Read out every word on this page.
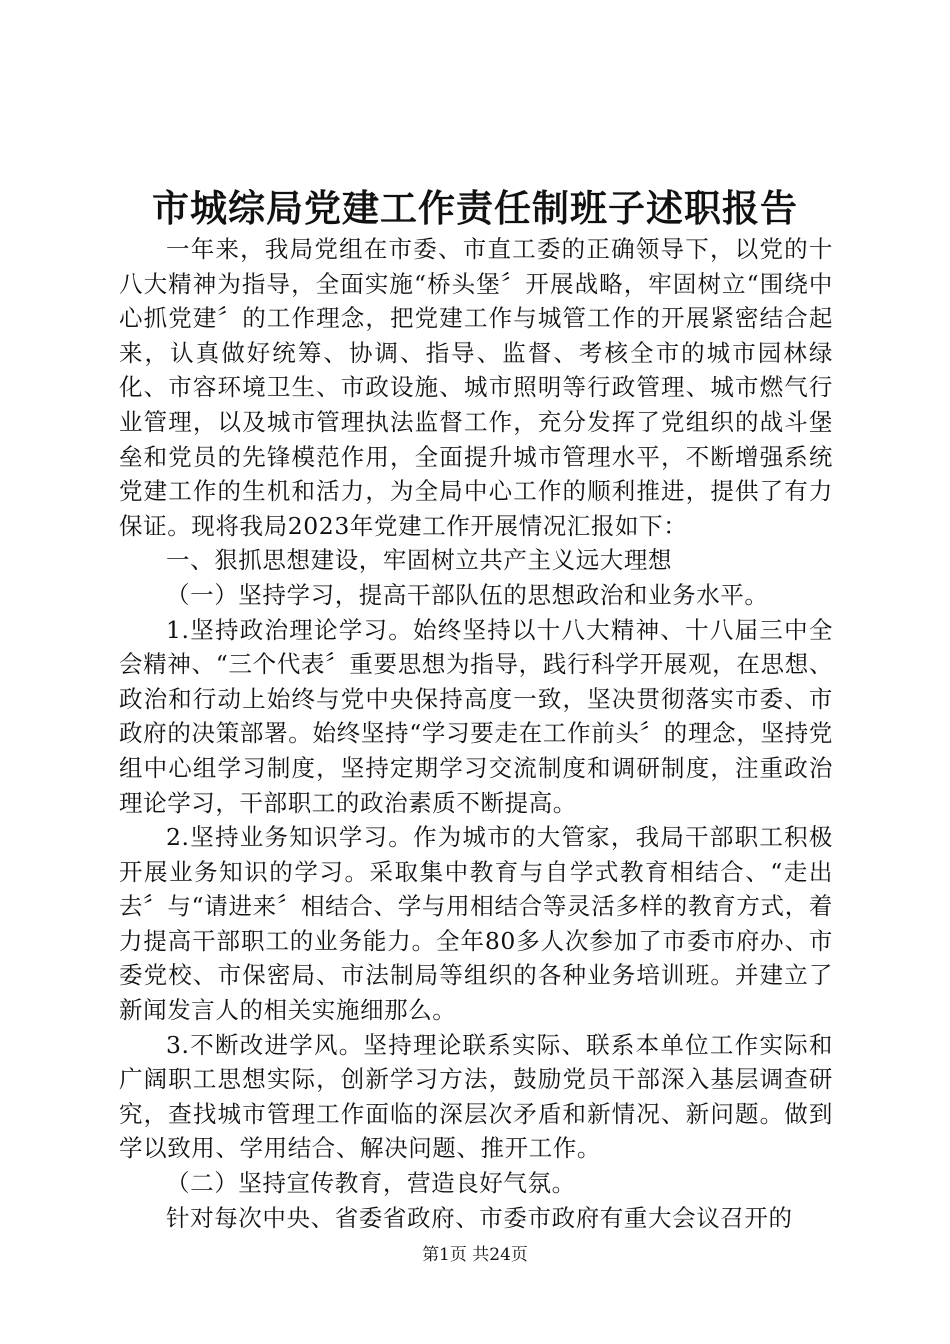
市城综局党建工作责任制班子述职报告

一年来，我局党组在市委、市直工委的正确领导下，以党的十八大精神为指导，全面实施“桥头堡〞开展战略，牢固树立“围绕中心抓党建〞的工作理念，把党建工作与城管工作的开展紧密结合起来，认真做好统筹、协调、指导、监督、考核全市的城市园林绿化、市容环境卫生、市政设施、城市照明等行政管理、城市燃气行业管理，以及城市管理执法监督工作，充分发挥了党组织的战斗堡垒和党员的先锋模范作用，全面提升城市管理水平，不断增强系统党建工作的生机和活力，为全局中心工作的顺利推进，提供了有力保证。现将我局2023年党建工作开展情况汇报如下：

一、狠抓思想建设，牢固树立共产主义远大理想

（一）坚持学习，提高干部队伍的思想政治和业务水平。

1.坚持政治理论学习。始终坚持以十八大精神、十八届三中全会精神、“三个代表〞重要思想为指导，践行科学开展观，在思想、政治和行动上始终与党中央保持高度一致，坚决贯彻落实市委、市政府的决策部署。始终坚持“学习要走在工作前头〞的理念，坚持党组中心组学习制度，坚持定期学习交流制度和调研制度，注重政治理论学习，干部职工的政治素质不断提高。

2.坚持业务知识学习。作为城市的大管家，我局干部职工积极开展业务知识的学习。采取集中教育与自学式教育相结合、“走出去〞与“请进来〞相结合、学与用相结合等灵活多样的教育方式，着力提高干部职工的业务能力。全年80多人次参加了市委市府办、市委党校、市保密局、市法制局等组织的各种业务培训班。并建立了新闻发言人的相关实施细那么。

3.不断改进学风。坚持理论联系实际、联系本单位工作实际和广阔职工思想实际，创新学习方法，鼓励党员干部深入基层调查研究，查找城市管理工作面临的深层次矛盾和新情况、新问题。做到学以致用、学用结合、解决问题、推开工作。

（二）坚持宣传教育，营造良好气氛。

针对每次中央、省委省政府、市委市政府有重大会议召开的

第1页 共24页
